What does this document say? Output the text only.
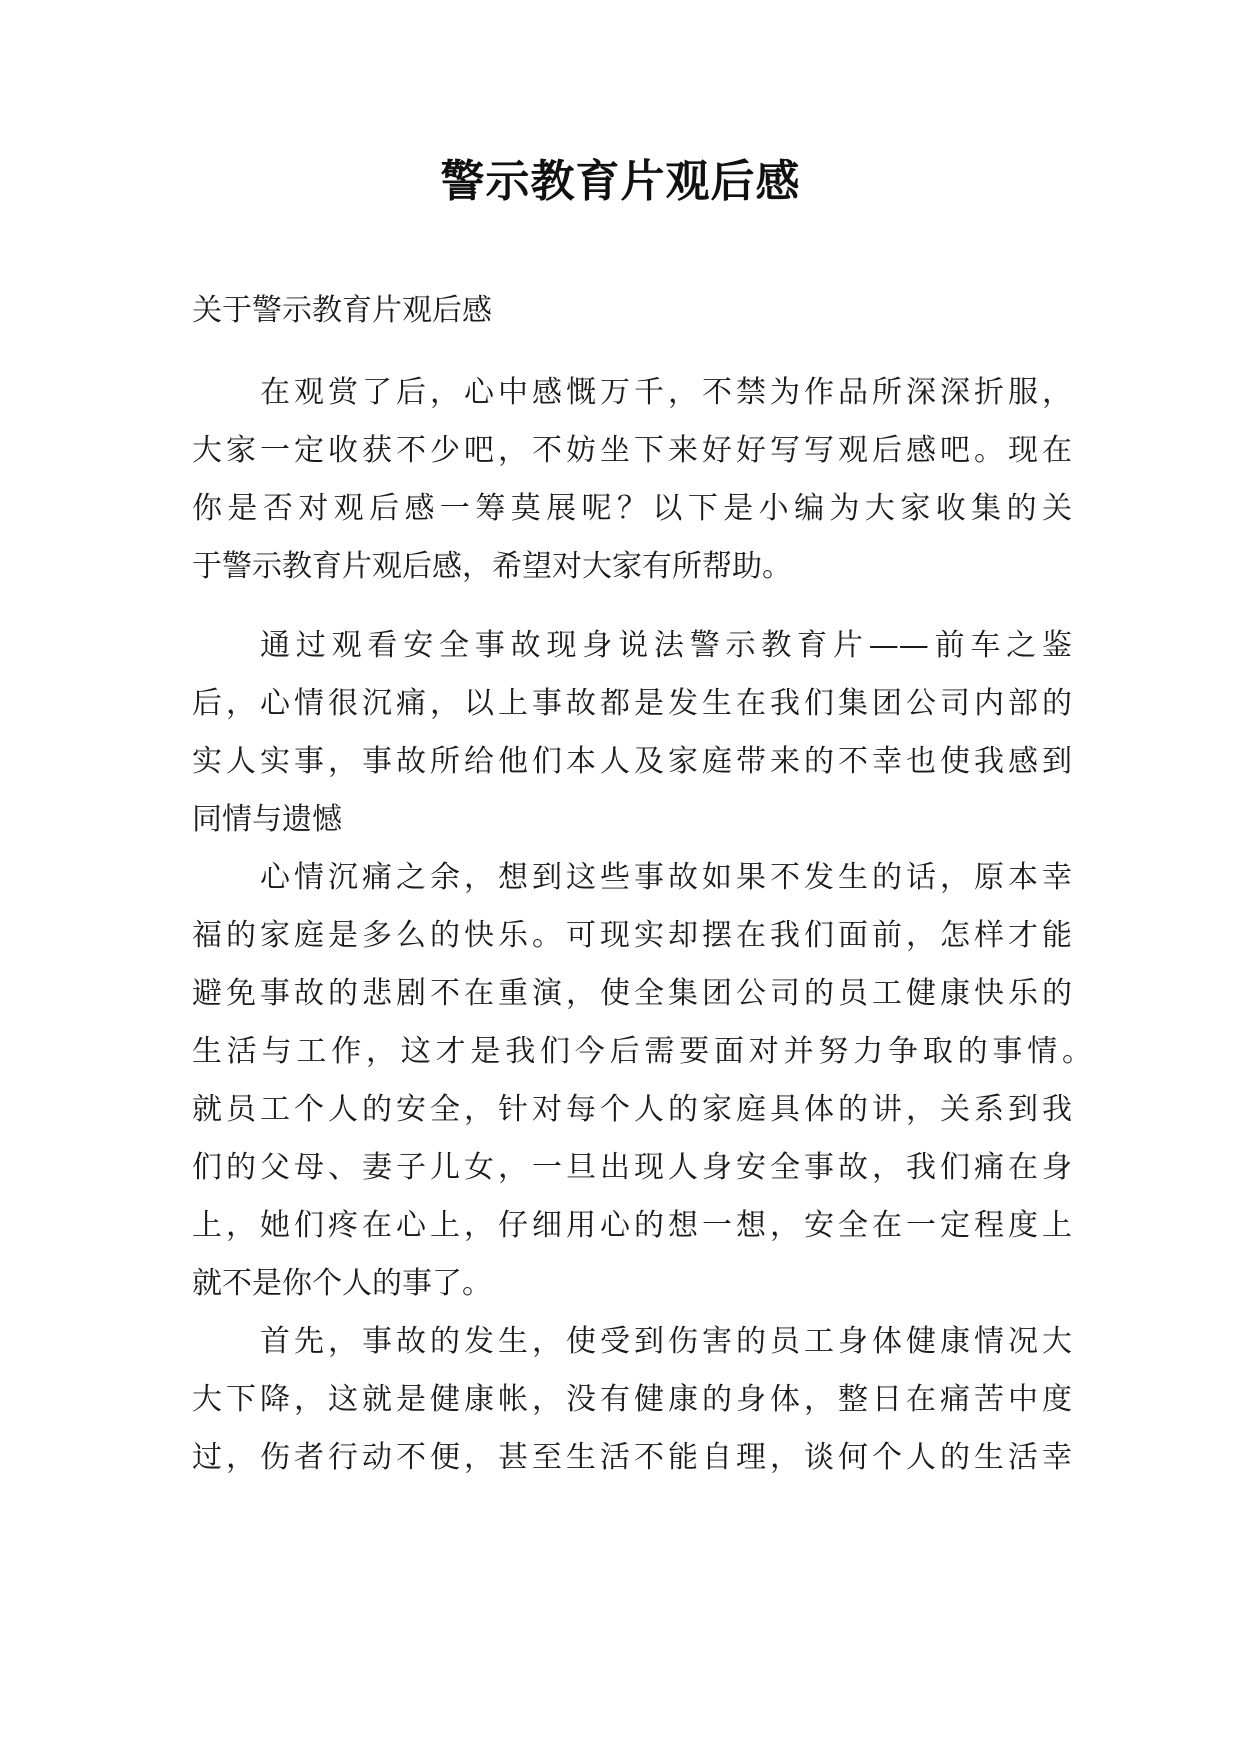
警示教育片观后感
关于警示教育片观后感
在观赏了后，心中感慨万千，不禁为作品所深深折服，
大家一定收获不少吧，不妨坐下来好好写写观后感吧。现在
你是否对观后感一筹莫展呢？以下是小编为大家收集的关
于警示教育片观后感，希望对大家有所帮助。
通过观看安全事故现身说法警示教育片——前车之鉴
后，心情很沉痛，以上事故都是发生在我们集团公司内部的
实人实事，事故所给他们本人及家庭带来的不幸也使我感到
同情与遗憾
心情沉痛之余，想到这些事故如果不发生的话，原本幸
福的家庭是多么的快乐。可现实却摆在我们面前，怎样才能
避免事故的悲剧不在重演，使全集团公司的员工健康快乐的
生活与工作，这才是我们今后需要面对并努力争取的事情。
就员工个人的安全，针对每个人的家庭具体的讲，关系到我
们的父母、妻子儿女，一旦出现人身安全事故，我们痛在身
上，她们疼在心上，仔细用心的想一想，安全在一定程度上
就不是你个人的事了。
首先，事故的发生，使受到伤害的员工身体健康情况大
大下降，这就是健康帐，没有健康的身体，整日在痛苦中度
过，伤者行动不便，甚至生活不能自理，谈何个人的生活幸
